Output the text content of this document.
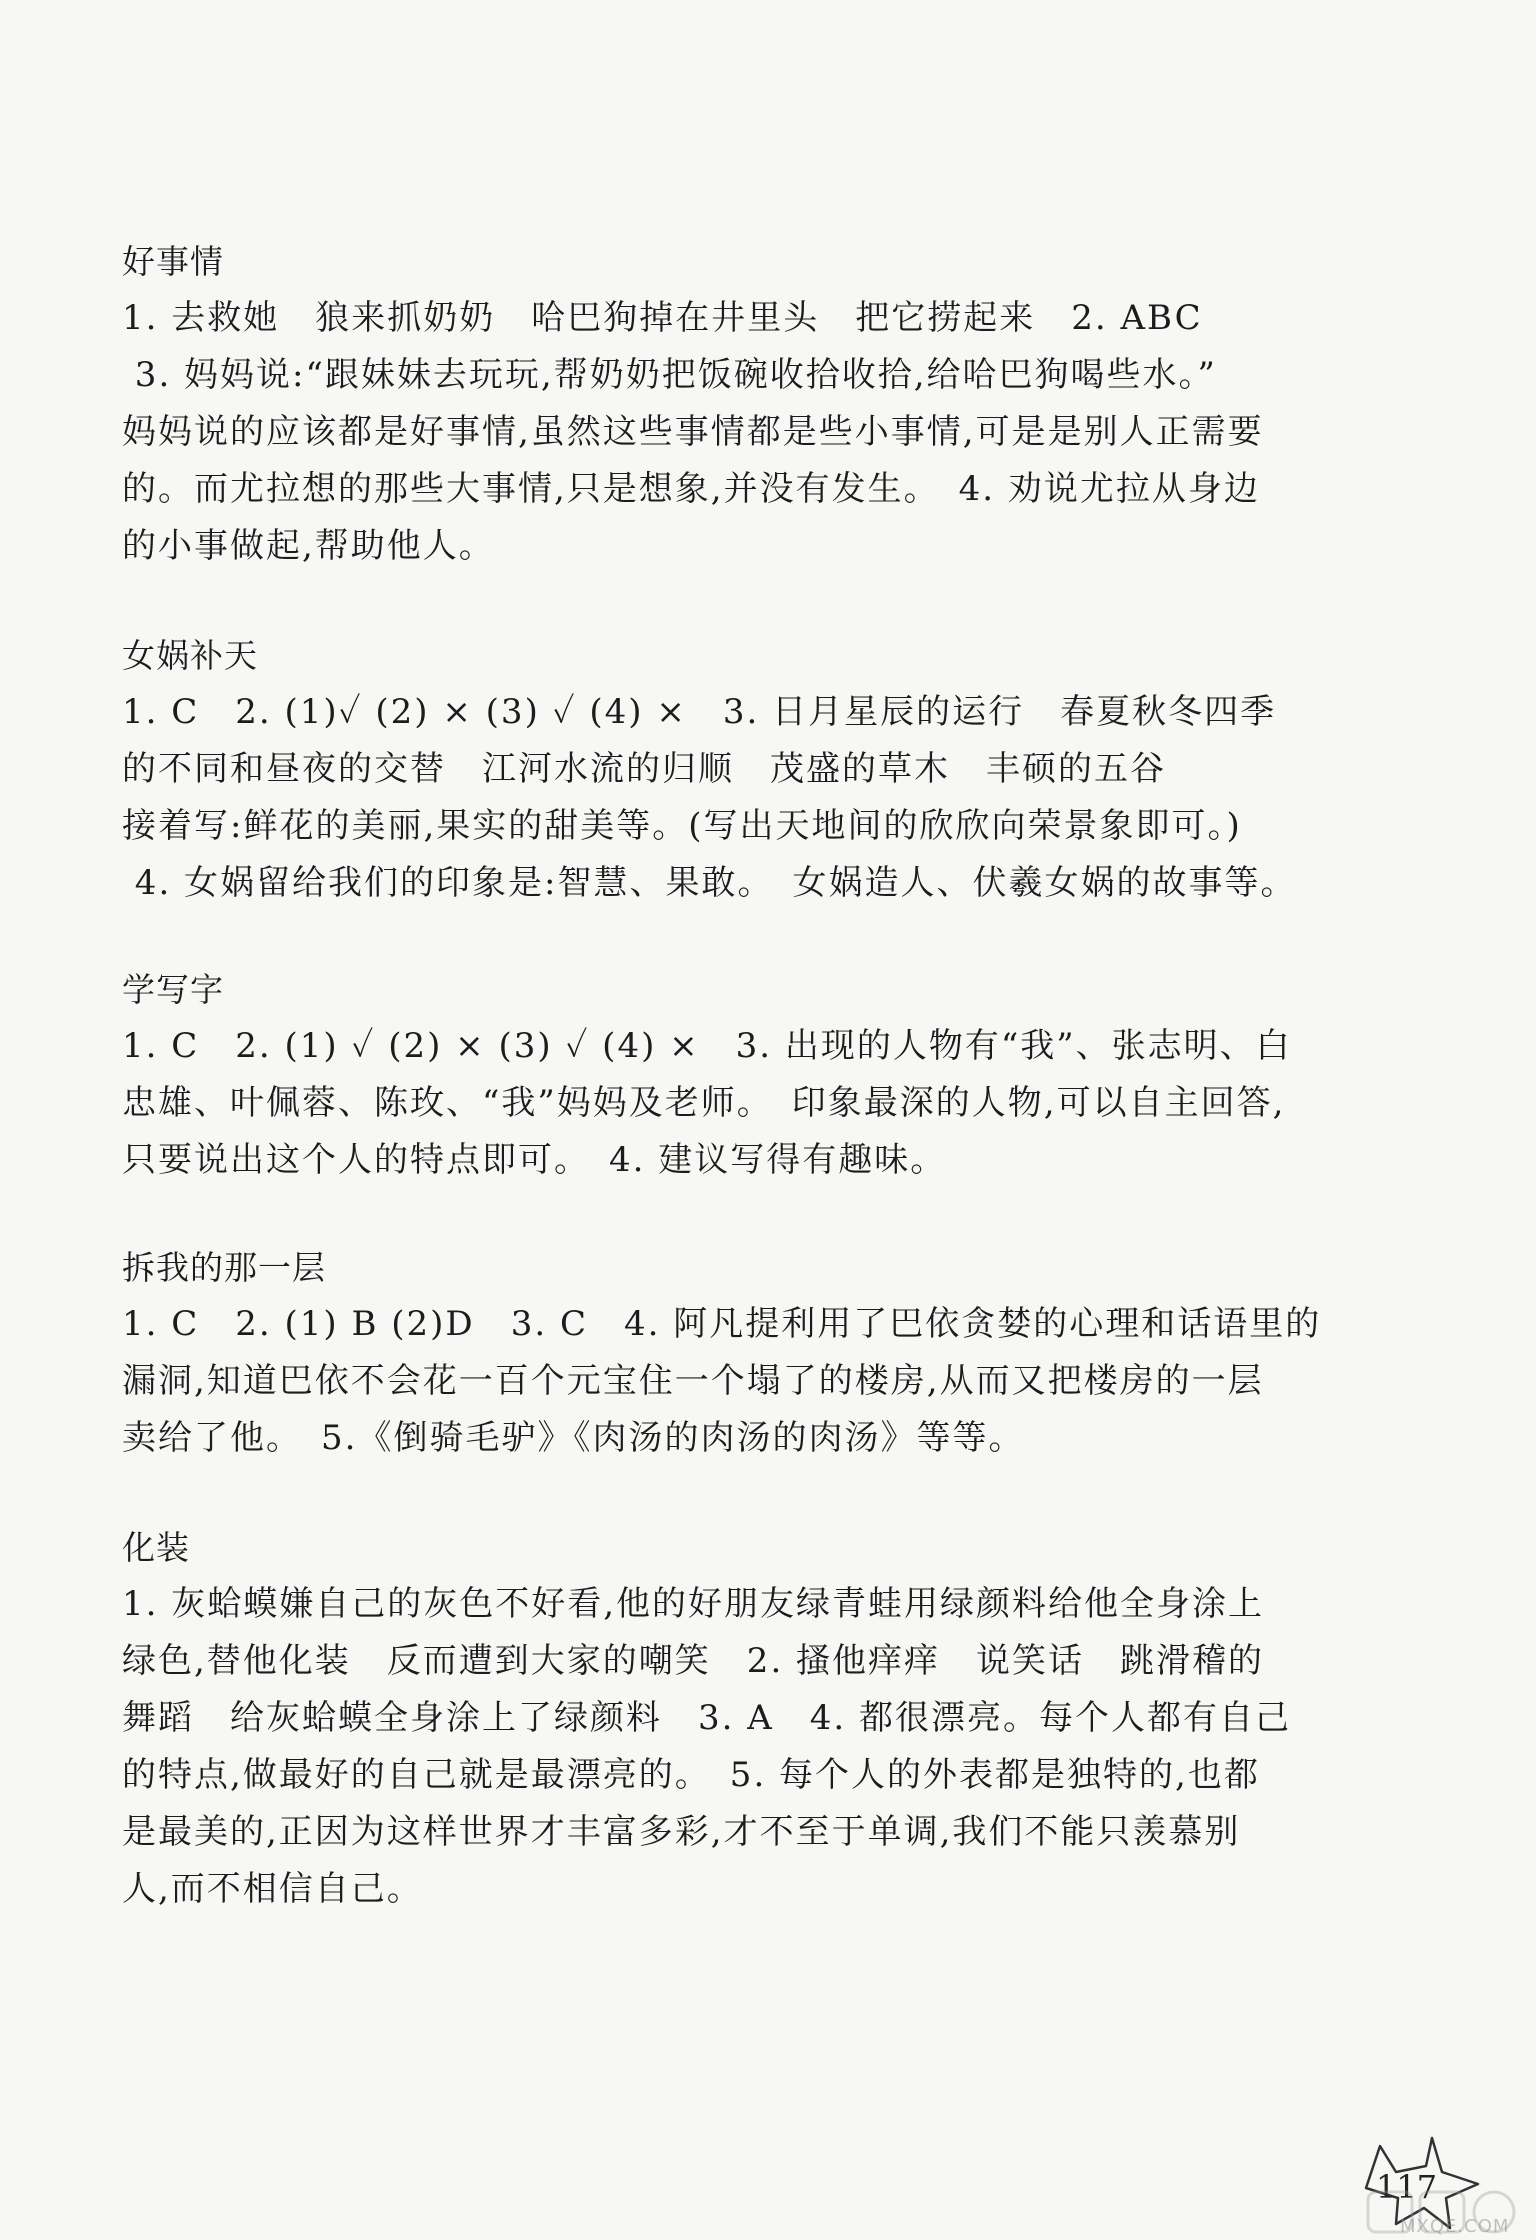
好事情

1. 去救她　狼来抓奶奶　哈巴狗掉在井里头　把它捞起来　2. ABC

3. 妈妈说:“跟妹妹去玩玩,帮奶奶把饭碗收拾收拾,给哈巴狗喝些水。”

妈妈说的应该都是好事情,虽然这些事情都是些小事情,可是是别人正需要

的。而尤拉想的那些大事情,只是想象,并没有发生。　4. 劝说尤拉从身边

的小事做起,帮助他人。

女娲补天

1. C　2. (1)✓ (2) × (3) ✓ (4) ×　3. 日月星辰的运行　春夏秋冬四季

的不同和昼夜的交替　江河水流的归顺　茂盛的草木　丰硕的五谷

接着写:鲜花的美丽,果实的甜美等。(写出天地间的欣欣向荣景象即可。)

4. 女娲留给我们的印象是:智慧、果敢。　女娲造人、伏羲女娲的故事等。

学写字

1. C　2. (1) ✓ (2) × (3) ✓ (4) ×　3. 出现的人物有“我”、张志明、白

忠雄、叶佩蓉、陈玫、“我”妈妈及老师。　印象最深的人物,可以自主回答,

只要说出这个人的特点即可。　4. 建议写得有趣味。

拆我的那一层

1. C　2. (1) B (2)D　3. C　4. 阿凡提利用了巴依贪婪的心理和话语里的

漏洞,知道巴依不会花一百个元宝住一个塌了的楼房,从而又把楼房的一层

卖给了他。　5.《倒骑毛驴》《肉汤的肉汤的肉汤》等等。

化装

1. 灰蛤蟆嫌自己的灰色不好看,他的好朋友绿青蛙用绿颜料给他全身涂上

绿色,替他化装　反而遭到大家的嘲笑　2. 搔他痒痒　说笑话　跳滑稽的

舞蹈　给灰蛤蟆全身涂上了绿颜料　3. A　4. 都很漂亮。每个人都有自己

的特点,做最好的自己就是最漂亮的。　5. 每个人的外表都是独特的,也都

是最美的,正因为这样世界才丰富多彩,才不至于单调,我们不能只羡慕别

人,而不相信自己。

117
MXQE.COM
